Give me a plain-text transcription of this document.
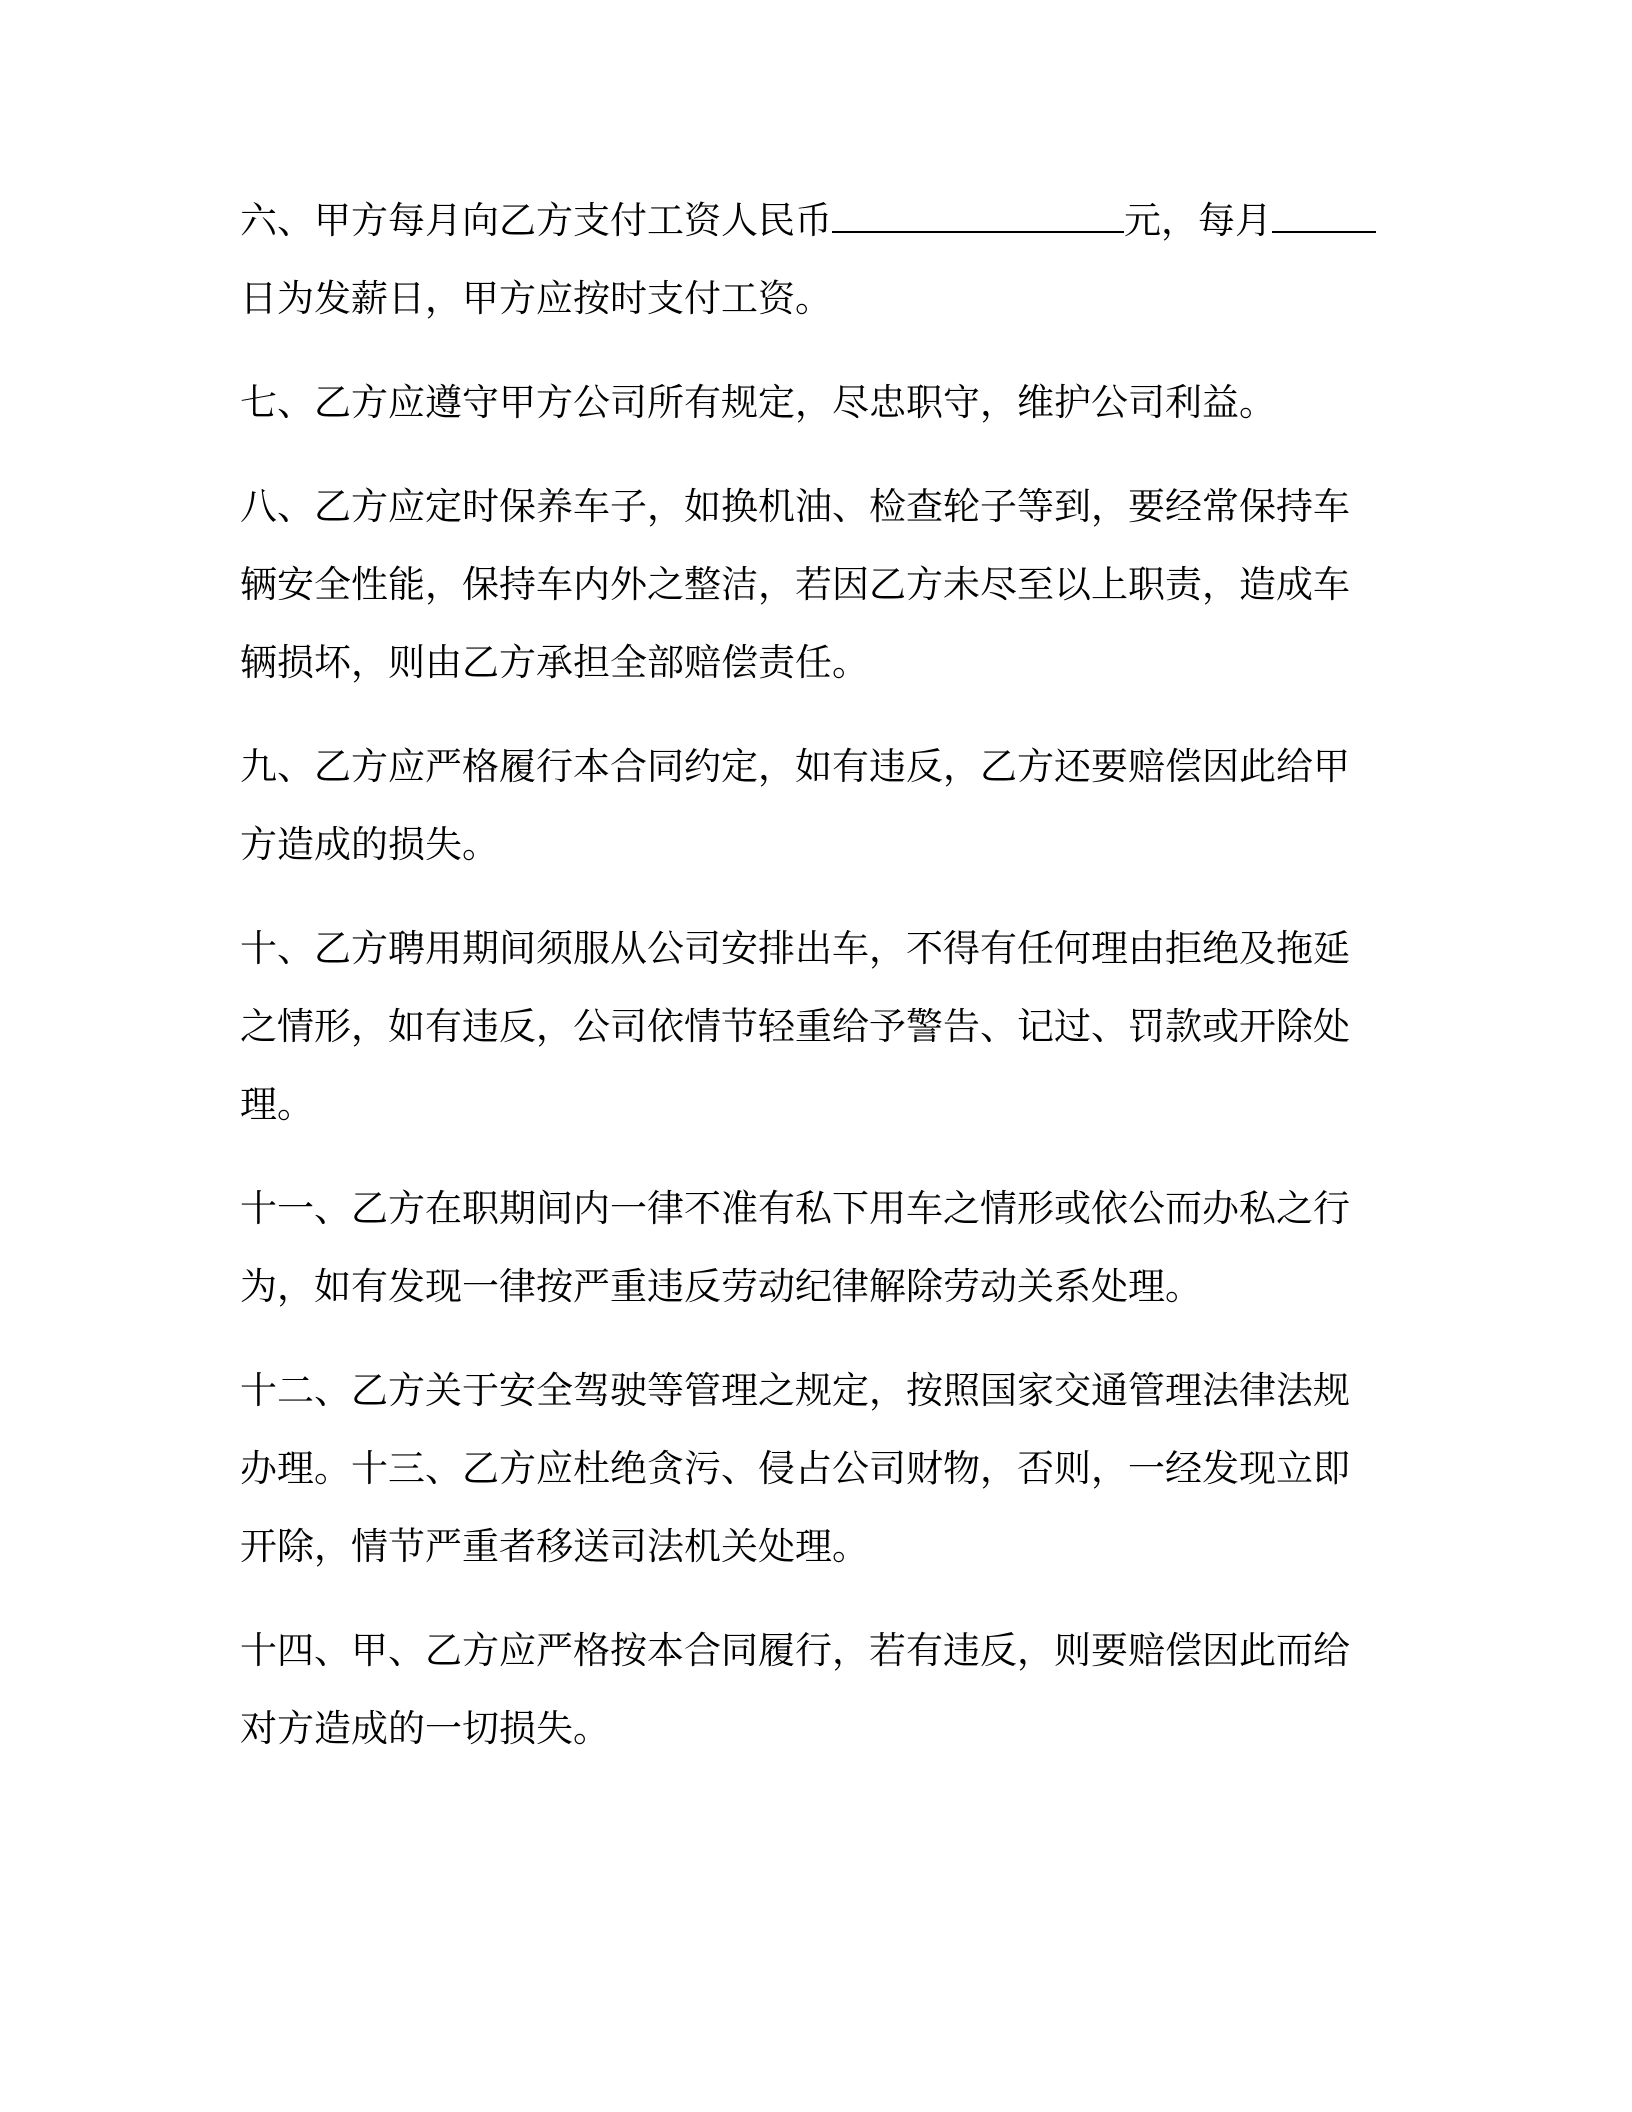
六、甲方每月向乙方支付工资人民币	元，每月
日为发薪日，甲方应按时支付工资。

七、乙方应遵守甲方公司所有规定，尽忠职守，维护公司利益。

八、乙方应定时保养车子，如换机油、检查轮子等到，要经常保持车
辆安全性能，保持车内外之整洁，若因乙方未尽至以上职责，造成车
辆损坏，则由乙方承担全部赔偿责任。

九、乙方应严格履行本合同约定，如有违反，乙方还要赔偿因此给甲
方造成的损失。

十、乙方聘用期间须服从公司安排出车，不得有任何理由拒绝及拖延
之情形，如有违反，公司依情节轻重给予警告、记过、罚款或开除处
理。

十一、乙方在职期间内一律不准有私下用车之情形或依公而办私之行
为，如有发现一律按严重违反劳动纪律解除劳动关系处理。

十二、乙方关于安全驾驶等管理之规定，按照国家交通管理法律法规
办理。十三、乙方应杜绝贪污、侵占公司财物，否则，一经发现立即
开除，情节严重者移送司法机关处理。

十四、甲、乙方应严格按本合同履行，若有违反，则要赔偿因此而给
对方造成的一切损失。
